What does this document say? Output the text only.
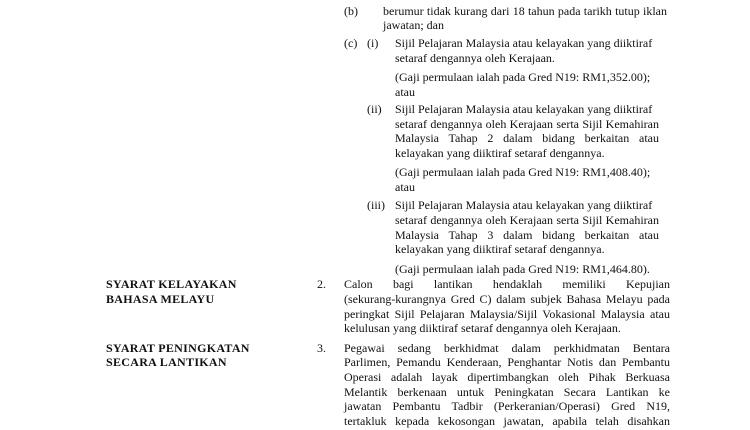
(b) berumur tidak kurang dari 18 tahun pada tarikh tutup iklan
jawatan; dan
(c) (i) Sijil Pelajaran Malaysia atau kelayakan yang diiktiraf
setaraf dengannya oleh Kerajaan.
(Gaji permulaan ialah pada Gred N19: RM1,352.00);
atau
(ii) Sijil Pelajaran Malaysia atau kelayakan yang diiktiraf
setaraf dengannya oleh Kerajaan serta Sijil Kemahiran
Malaysia Tahap 2 dalam bidang berkaitan atau
kelayakan yang diiktiraf setaraf dengannya.
(Gaji permulaan ialah pada Gred N19: RM1,408.40);
atau
(iii) Sijil Pelajaran Malaysia atau kelayakan yang diiktiraf
setaraf dengannya oleh Kerajaan serta Sijil Kemahiran
Malaysia Tahap 3 dalam bidang berkaitan atau
kelayakan yang diiktiraf setaraf dengannya.
(Gaji permulaan ialah pada Gred N19: RM1,464.80).
SYARAT KELAYAKAN
BAHASA MELAYU
2. Calon bagi lantikan hendaklah memiliki Kepujian
(sekurang-kurangnya Gred C) dalam subjek Bahasa Melayu pada
peringkat Sijil Pelajaran Malaysia/Sijil Vokasional Malaysia atau
kelulusan yang diiktiraf setaraf dengannya oleh Kerajaan.
SYARAT PENINGKATAN
SECARA LANTIKAN
3. Pegawai sedang berkhidmat dalam perkhidmatan Bentara
Parlimen, Pemandu Kenderaan, Penghantar Notis dan Pembantu
Operasi adalah layak dipertimbangkan oleh Pihak Berkuasa
Melantik berkenaan untuk Peningkatan Secara Lantikan ke
jawatan Pembantu Tadbir (Perkeranian/Operasi) Gred N19,
tertakluk kepada kekosongan jawatan, apabila telah disahkan
